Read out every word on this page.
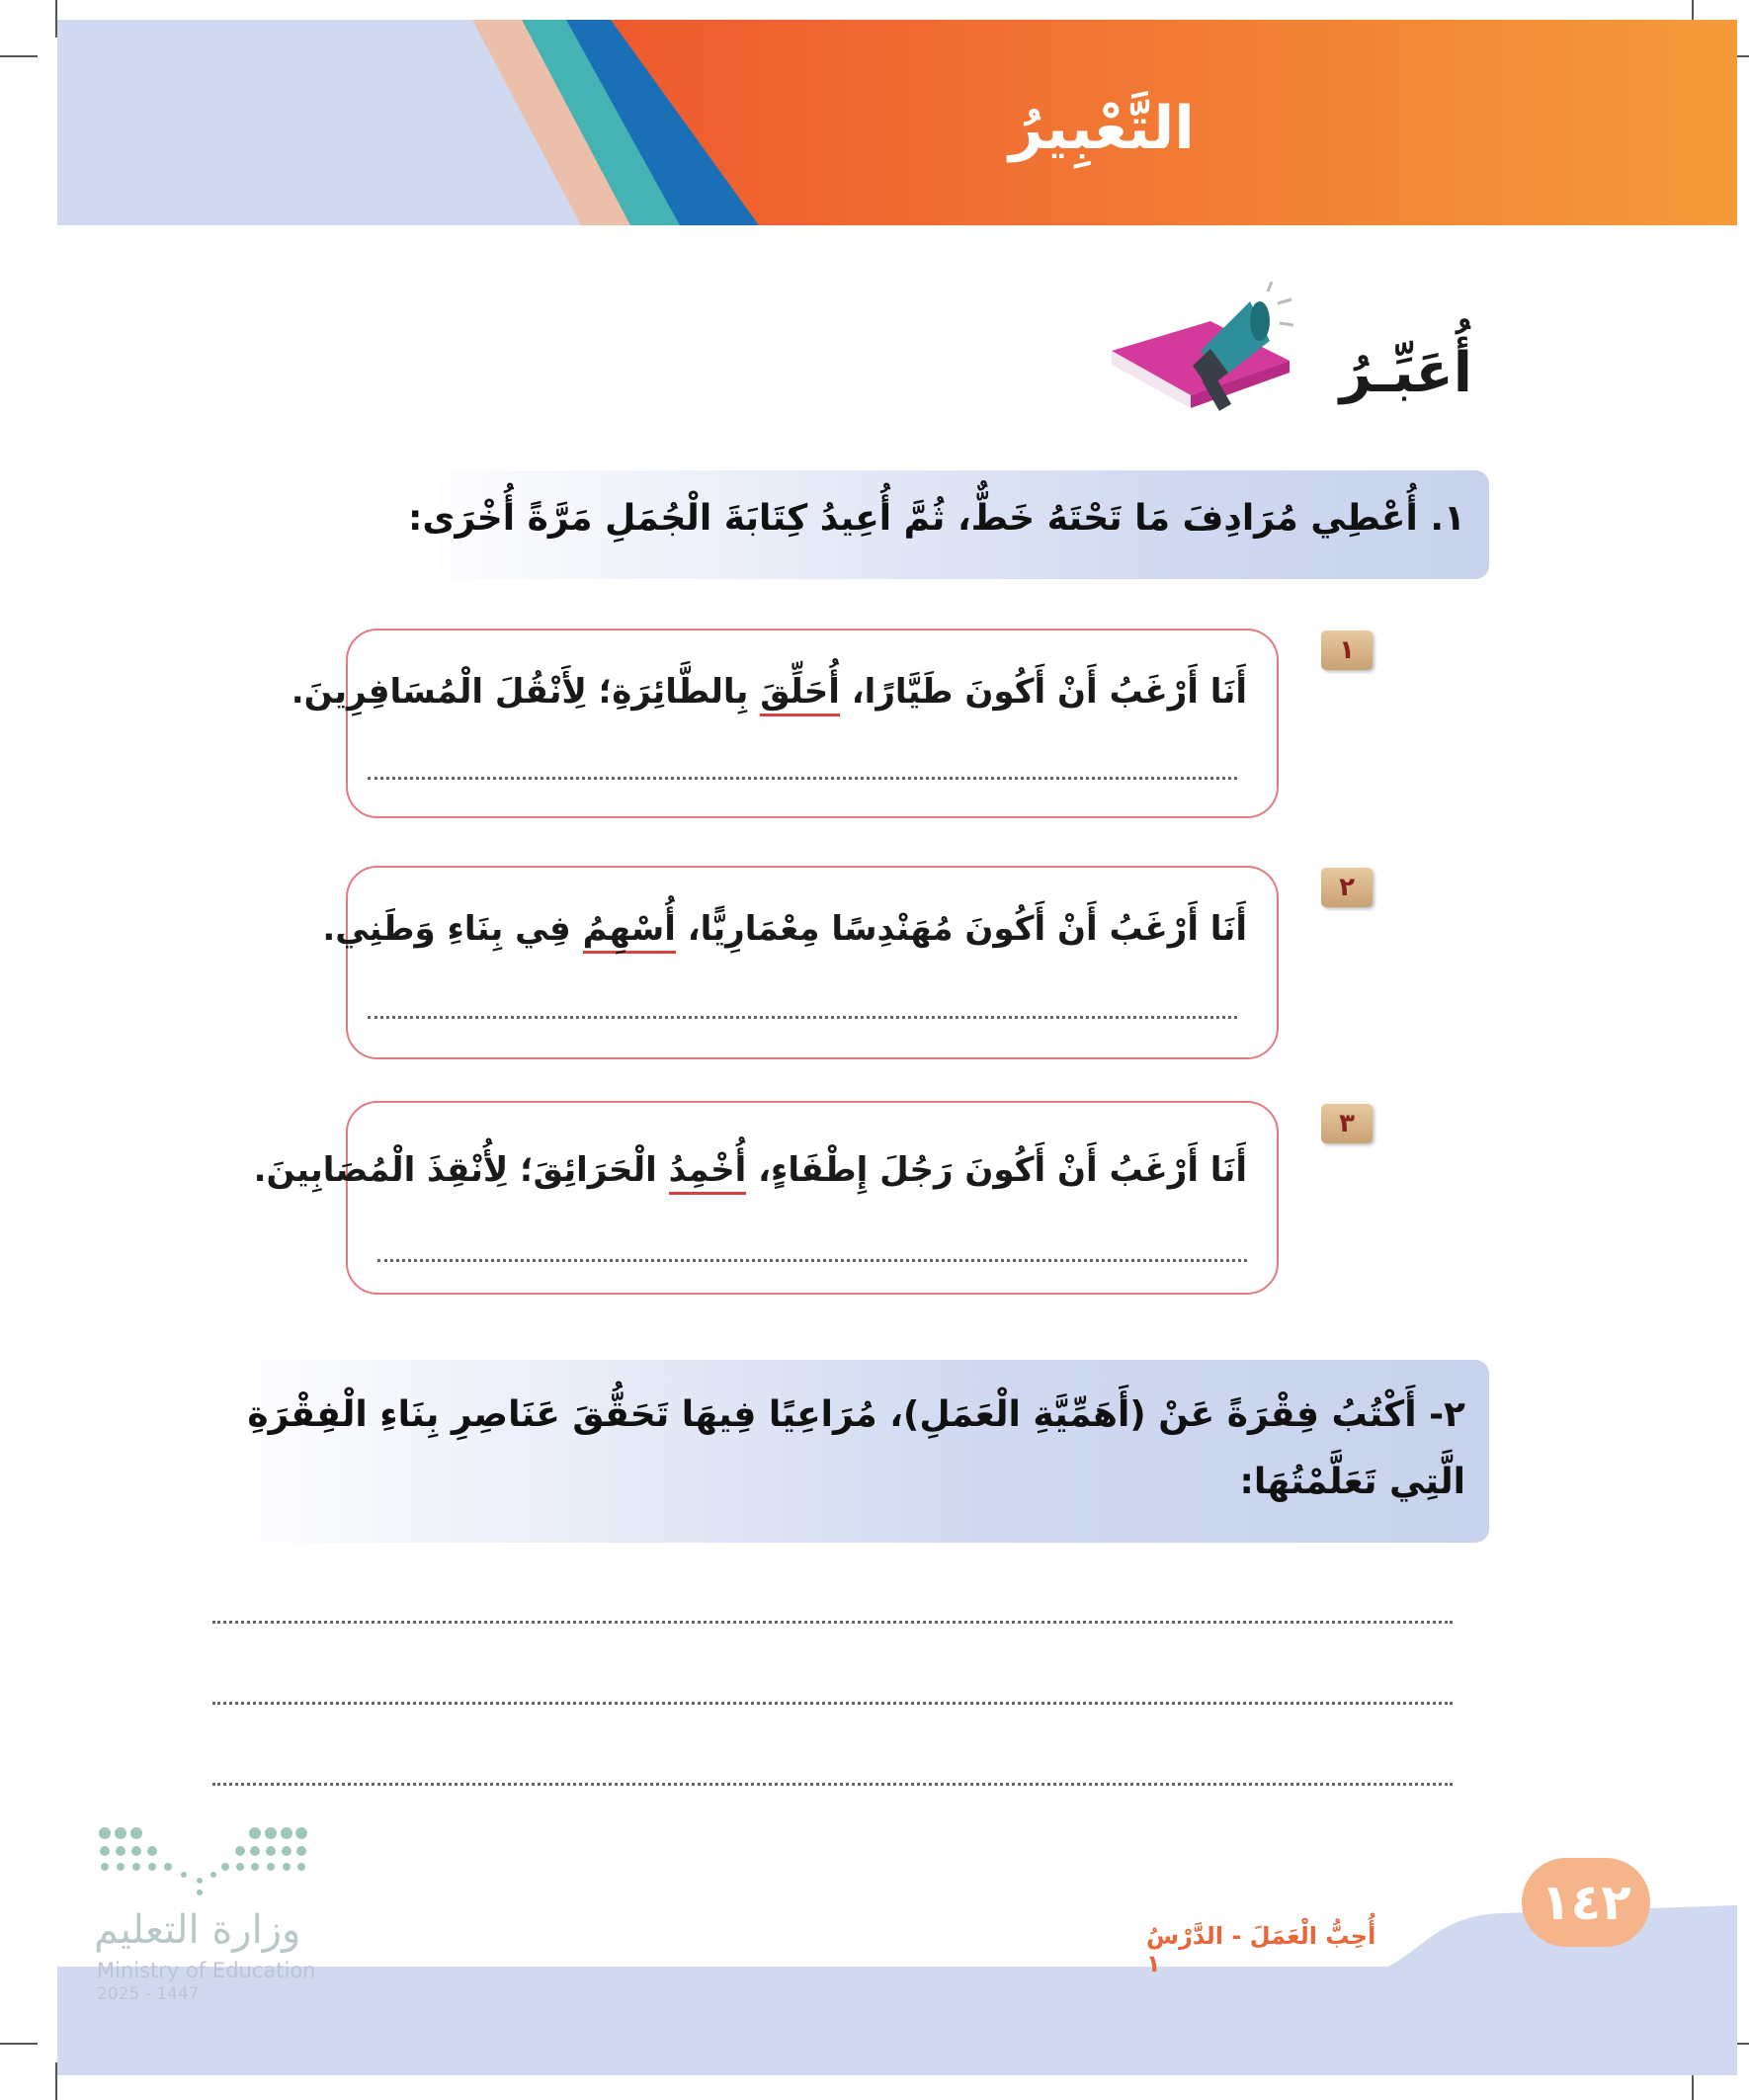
التَّعْبِيرُ
أُعَبِّـرُ
١. أُعْطِي مُرَادِفَ مَا تَحْتَهُ خَطٌّ، ثُمَّ أُعِيدُ كِتَابَةَ الْجُمَلِ مَرَّةً أُخْرَى:
١
أَنَا أَرْغَبُ أَنْ أَكُونَ طَيَّارًا، أُحَلِّقَ بِالطَّائِرَةِ؛ لِأَنْقُلَ الْمُسَافِرِينَ.
٢
أَنَا أَرْغَبُ أَنْ أَكُونَ مُهَنْدِسًا مِعْمَارِيًّا، أُسْهِمُ فِي بِنَاءِ وَطَنِي.
٣
أَنَا أَرْغَبُ أَنْ أَكُونَ رَجُلَ إِطْفَاءٍ، أُخْمِدُ الْحَرَائِقَ؛ لِأُنْقِذَ الْمُصَابِينَ.
٢- أَكْتُبُ فِقْرَةً عَنْ (أَهَمِّيَّةِ الْعَمَلِ)، مُرَاعِيًا فِيهَا تَحَقُّقَ عَنَاصِرِ بِنَاءِ الْفِقْرَةِ الَّتِي تَعَلَّمْتُهَا:
١٤٢
أُحِبُّ الْعَمَلَ - الدَّرْسُ ١
وزارة التعليم
Ministry of Education
2025 - 1447
